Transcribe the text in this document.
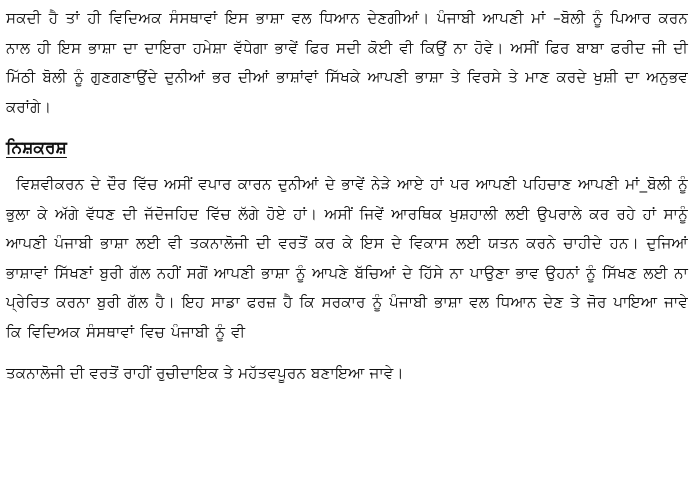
ਸਕਦੀ ਹੈ ਤਾਂ ਹੀ ਵਿਦਿਅਕ ਸੰਸਥਾਵਾਂ ਇਸ ਭਾਸ਼ਾ ਵਲ ਧਿਆਨ ਦੇਣਗੀਆਂ। ਪੰਜਾਬੀ ਆਪਣੀ ਮਾਂ –ਬੋਲੀ ਨੂੰ ਪਿਆਰ ਕਰਨ ਨਾਲ ਹੀ ਇਸ ਭਾਸ਼ਾ ਦਾ ਦਾਇਰਾ ਹਮੇਸ਼ਾ ਵੱਧੇਗਾ ਭਾਵੇਂ ਫਿਰ ਸਦੀ ਕੋਈ ਵੀ ਕਿਉਂ ਨਾ ਹੋਵੇ। ਅਸੀਂ ਫਿਰ ਬਾਬਾ ਫਰੀਦ ਜੀ ਦੀ ਮਿੱਠੀ ਬੋਲੀ ਨੂੰ ਗੁਣਗਣਾਉਂਦੇ ਦੁਨੀਆਂ ਭਰ ਦੀਆਂ ਭਾਸ਼ਾਂਵਾਂ ਸਿੱਖਕੇ ਆਪਣੀ ਭਾਸ਼ਾ ਤੇ ਵਿਰਸੇ ਤੇ ਮਾਣ ਕਰਦੇ ਖੁਸ਼ੀ ਦਾ ਅਨੁਭਵ ਕਰਾਂਗੇ।

ਨਿਸ਼ਕਰਸ਼

ਵਿਸ਼ਵੀਕਰਨ ਦੇ ਦੌਰ ਵਿੱਚ ਅਸੀਂ ਵਪਾਰ ਕਾਰਨ ਦੁਨੀਆਂ ਦੇ ਭਾਵੇਂ ਨੇੜੇ ਆਏ ਹਾਂ ਪਰ ਆਪਣੀ ਪਹਿਚਾਣ ਆਪਣੀ ਮਾਂ_ਬੋਲੀ ਨੂੰ ਭੁਲਾ ਕੇ ਅੱਗੇ ਵੱਧਣ ਦੀ ਜੱਦੋਜਹਿਦ ਵਿੱਚ ਲੱਗੇ ਹੋਏ ਹਾਂ। ਅਸੀਂ ਜਿਵੇਂ ਆਰਥਿਕ ਖੁਸ਼ਹਾਲੀ ਲਈ ਉਪਰਾਲੇ ਕਰ ਰਹੇ ਹਾਂ ਸਾਨੂੰ ਆਪਣੀ ਪੰਜਾਬੀ ਭਾਸ਼ਾ ਲਈ ਵੀ ਤਕਨਾਲੋਜੀ ਦੀ ਵਰਤੋਂ ਕਰ ਕੇ ਇਸ ਦੇ ਵਿਕਾਸ ਲਈ ਯਤਨ ਕਰਨੇ ਚਾਹੀਦੇ ਹਨ। ਦੁਜਿਆਂ ਭਾਸ਼ਾਵਾਂ ਸਿੱਖਣਾਂ ਬੁਰੀ ਗੱਲ ਨਹੀਂ ਸਗੋਂ ਆਪਣੀ ਭਾਸ਼ਾ ਨੂੰ ਆਪਣੇ ਬੱਚਿਆਂ ਦੇ ਹਿੱਸੇ ਨਾ ਪਾਉਣਾ ਭਾਵ ਉਹਨਾਂ ਨੂੰ ਸਿੱਖਣ ਲਈ ਨਾ ਪ੍ਰੇਰਿਤ ਕਰਨਾ ਬੁਰੀ ਗੱਲ ਹੈ। ਇਹ ਸਾਡਾ ਫਰਜ਼ ਹੈ ਕਿ ਸਰਕਾਰ ਨੂੰ ਪੰਜਾਬੀ ਭਾਸ਼ਾ ਵਲ ਧਿਆਨ ਦੇਣ ਤੇ ਜੋਰ ਪਾਇਆ ਜਾਵੇ ਕਿ ਵਿਦਿਅਕ ਸੰਸਥਾਵਾਂ ਵਿਚ ਪੰਜਾਬੀ ਨੂੰ ਵੀ

ਤਕਨਾਲੋਜੀ ਦੀ ਵਰਤੋਂ ਰਾਹੀਂ ਰੁਚੀਦਾਇਕ ਤੇ ਮਹੱਤਵਪੂਰਨ ਬਣਾਇਆ ਜਾਵੇ।
